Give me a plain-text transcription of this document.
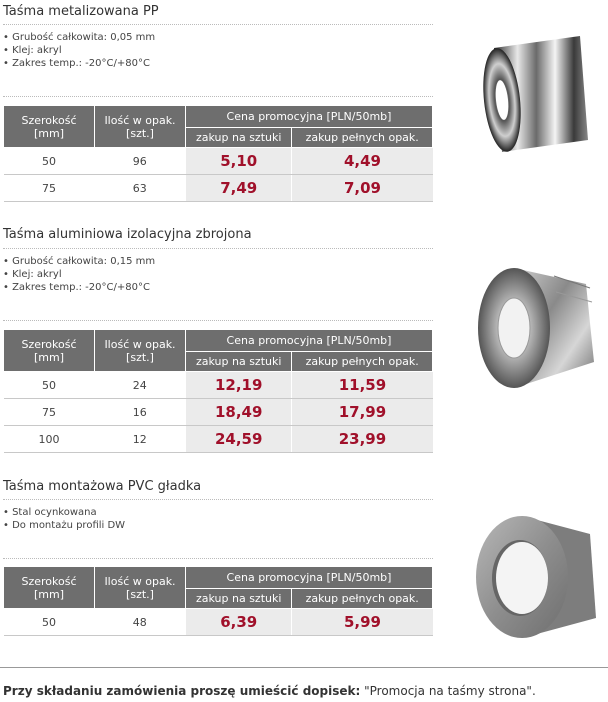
Taśma metalizowana PP
• Grubość całkowita: 0,05 mm
• Klej: akryl
• Zakres temp.: -20°C/+80°C
Szerokość
[mm]	Ilość w opak.
[szt.]	Cena promocyjna [PLN/50mb]	
		zakup na sztuki	zakup pełnych opak.
50	96	5,10	4,49
75	63	7,49	7,09
Taśma aluminiowa izolacyjna zbrojona
• Grubość całkowita: 0,15 mm
• Klej: akryl
• Zakres temp.: -20°C/+80°C
Szerokość
[mm]	Ilość w opak.
[szt.]	Cena promocyjna [PLN/50mb]	
		zakup na sztuki	zakup pełnych opak.
50	24	12,19	11,59
75	16	18,49	17,99
100	12	24,59	23,99
Taśma montażowa PVC gładka
• Stal ocynkowana
• Do montażu profili DW
Szerokość
[mm]	Ilość w opak.
[szt.]	Cena promocyjna [PLN/50mb]	
		zakup na sztuki	zakup pełnych opak.
50	48	6,39	5,99
Przy składaniu zamówienia proszę umieścić dopisek: "Promocja na taśmy strona".
